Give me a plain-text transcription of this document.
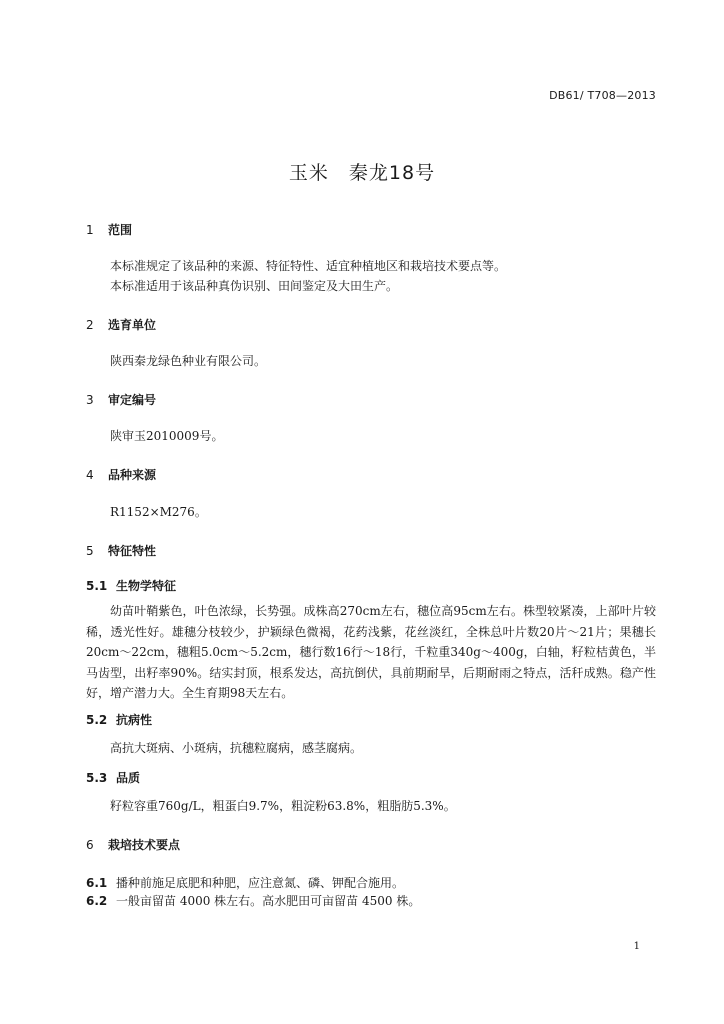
DB61/ T708—2013
玉米　秦龙18号
1 范围
本标准规定了该品种的来源、特征特性、适宜种植地区和栽培技术要点等。
本标准适用于该品种真伪识别、田间鉴定及大田生产。
2 选育单位
陕西秦龙绿色种业有限公司。
3 审定编号
陕审玉2010009号。
4 品种来源
R1152×M276。
5 特征特性
5.1 生物学特征
幼苗叶鞘紫色，叶色浓绿，长势强。成株高270cm左右，穗位高95cm左右。株型较紧凑，上部叶片较稀，透光性好。雄穗分枝较少，护颖绿色微褐，花药浅紫，花丝淡红，全株总叶片数20片～21片；果穗长20cm～22cm，穗粗5.0cm～5.2cm，穗行数16行～18行，千粒重340g～400g，白轴，籽粒桔黄色，半马齿型，出籽率90%。结实封顶，根系发达，高抗倒伏，具前期耐旱，后期耐雨之特点，活秆成熟。稳产性好，增产潜力大。全生育期98天左右。
5.2 抗病性
高抗大斑病、小斑病，抗穗粒腐病，感茎腐病。
5.3 品质
籽粒容重760g/L，粗蛋白9.7%，粗淀粉63.8%，粗脂肪5.3%。
6 栽培技术要点
6.1 播种前施足底肥和种肥，应注意氮、磷、钾配合施用。
6.2 一般亩留苗 4000 株左右。高水肥田可亩留苗 4500 株。
1
